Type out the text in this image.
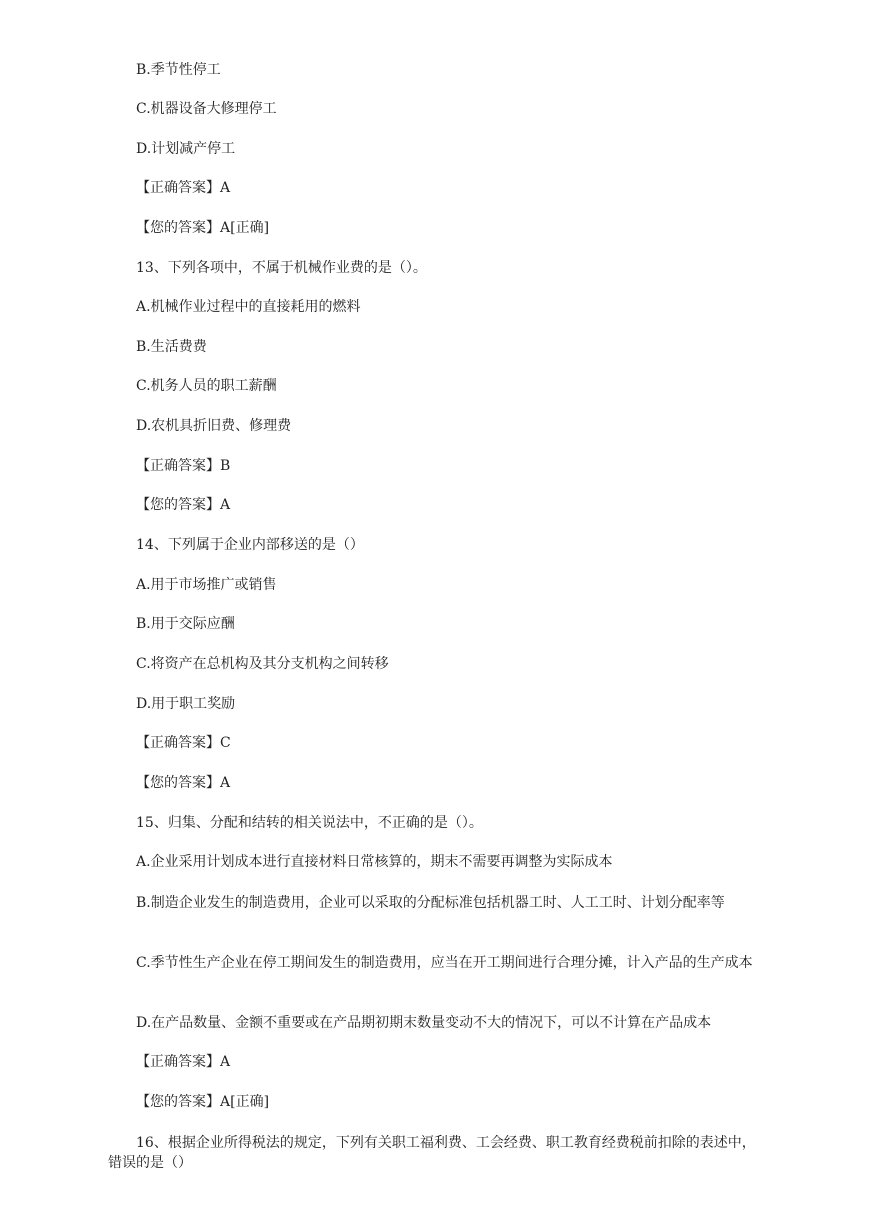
B.季节性停工
C.机器设备大修理停工
D.计划减产停工
【正确答案】A
【您的答案】A[正确]
13、下列各项中，不属于机械作业费的是（）。
A.机械作业过程中的直接耗用的燃料
B.生活费费
C.机务人员的职工薪酬
D.农机具折旧费、修理费
【正确答案】B
【您的答案】A
14、下列属于企业内部移送的是（）
A.用于市场推广或销售
B.用于交际应酬
C.将资产在总机构及其分支机构之间转移
D.用于职工奖励
【正确答案】C
【您的答案】A
15、归集、分配和结转的相关说法中，不正确的是（）。
A.企业采用计划成本进行直接材料日常核算的，期末不需要再调整为实际成本
B.制造企业发生的制造费用，企业可以采取的分配标准包括机器工时、人工工时、计划分配率等
C.季节性生产企业在停工期间发生的制造费用，应当在开工期间进行合理分摊，计入产品的生产成本
D.在产品数量、金额不重要或在产品期初期末数量变动不大的情况下，可以不计算在产品成本
【正确答案】A
【您的答案】A[正确]
16、根据企业所得税法的规定，下列有关职工福利费、工会经费、职工教育经费税前扣除的表述中，错误的是（）
